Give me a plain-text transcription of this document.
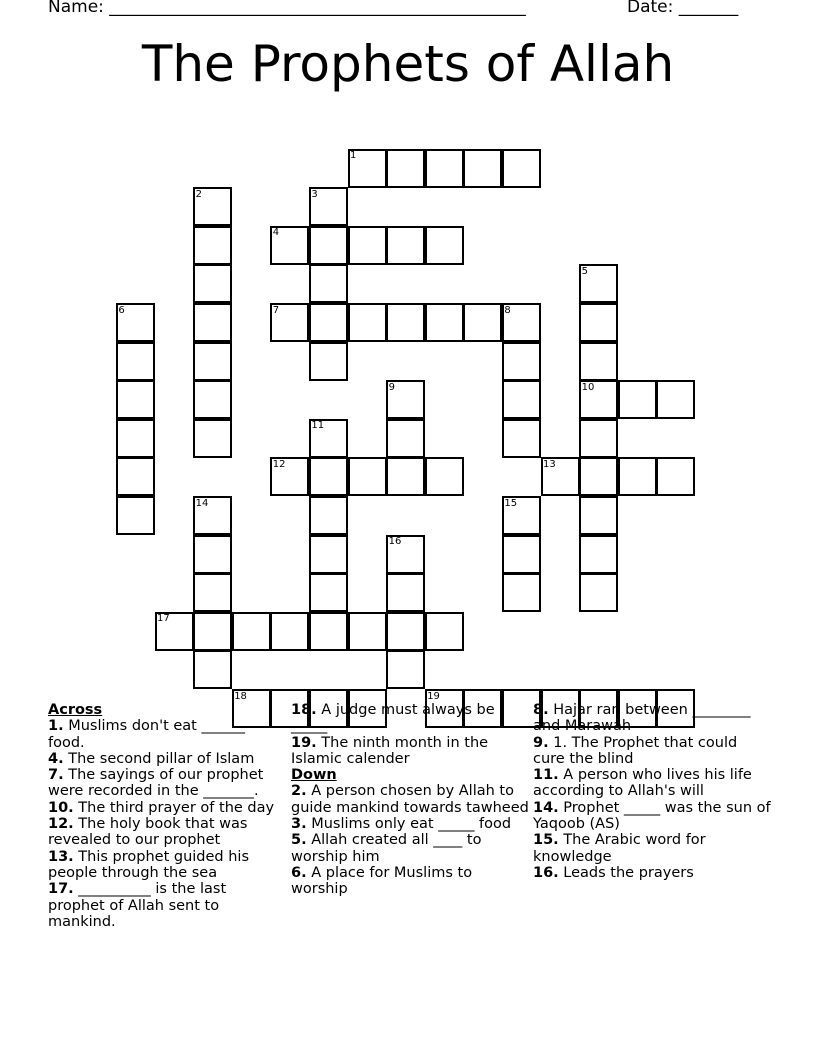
Name: _________________________________________________	Date: _______
The Prophets of Allah
1
2	3
4
5
6	7	8
9	10
11
12	13
14	15
16
17
18	19
Across
1. Muslims don't eat ______ food.
4. The second pillar of Islam
7. The sayings of our prophet were recorded in the _______.
10. The third prayer of the day
12. The holy book that was revealed to our prophet
13. This prophet guided his people through the sea
17. __________ is the last prophet of Allah sent to mankind.
18. A judge must always be _____
19. The ninth month in the Islamic calender
Down
2. A person chosen by Allah to guide mankind towards tawheed
3. Muslims only eat _____ food
5. Allah created all ____ to worship him
6. A place for Muslims to worship
8. Hajar ran between ________ and Marawah
9. 1. The Prophet that could cure the blind
11. A person who lives his life according to Allah's will
14. Prophet _____ was the sun of Yaqoob (AS)
15. The Arabic word for knowledge
16. Leads the prayers
